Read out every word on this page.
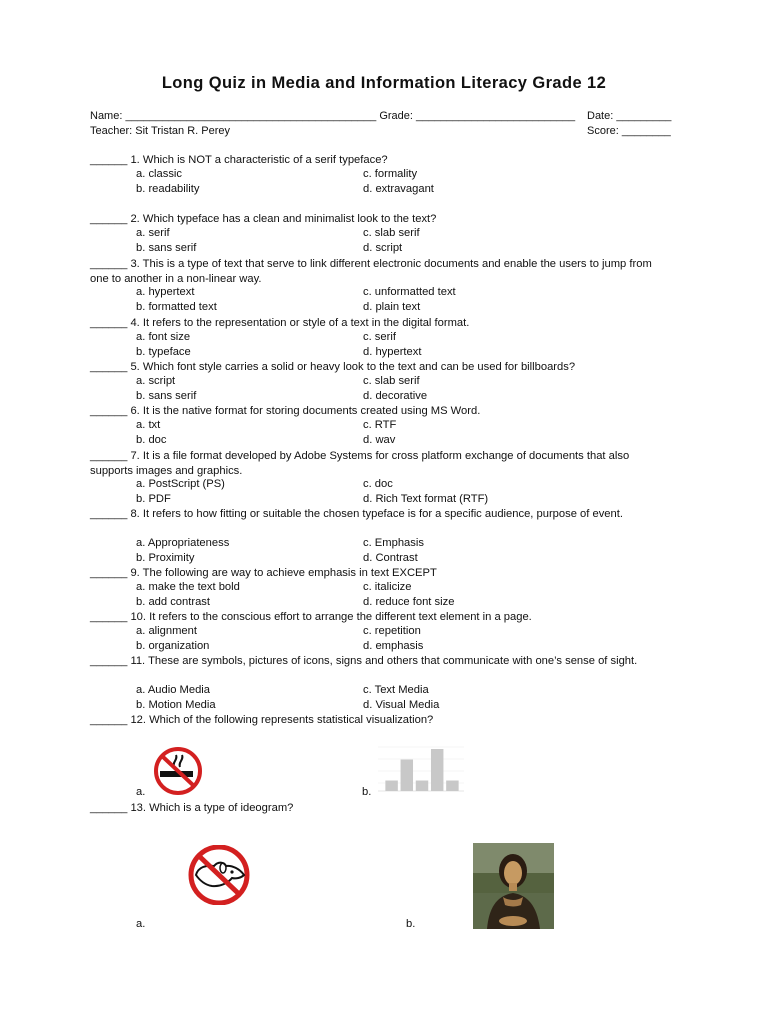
Long Quiz in Media and Information Literacy Grade 12
Name: _________________________________________ Grade: __________________________ Date: _________
Teacher: Sit Tristan R. Perey	Score: ________
______ 1. Which is NOT a characteristic of a serif typeface?
a. classic	c. formality
b. readability	d. extravagant
______ 2. Which typeface has a clean and minimalist look to the text?
a. serif	c. slab serif
b. sans serif	d. script
______ 3. This is a type of text that serve to link different electronic documents and enable the users to jump from one to another in a non-linear way.
a. hypertext	c. unformatted text
b. formatted text	d. plain text
______ 4. It refers to the representation or style of a text in the digital format.
a. font size	c. serif
b. typeface	d. hypertext
______ 5. Which font style carries a solid or heavy look to the text and can be used for billboards?
a. script	c. slab serif
b. sans serif	d. decorative
______ 6. It is the native format for storing documents created using MS Word.
a. txt	c. RTF
b. doc	d. wav
______ 7. It is a file format developed by Adobe Systems for cross platform exchange of documents that also supports images and graphics.
a. PostScript (PS)	c. doc
b. PDF	d. Rich Text format (RTF)
______ 8. It refers to how fitting or suitable the chosen typeface is for a specific audience, purpose of event.
a. Appropriateness	c. Emphasis
b. Proximity	d. Contrast
______ 9. The following are way to achieve emphasis in text EXCEPT
a. make the text bold	c. italicize
b. add contrast	d. reduce font size
______ 10. It refers to the conscious effort to arrange the different text element in a page.
a. alignment	c. repetition
b. organization	d. emphasis
______ 11. These are symbols, pictures of icons, signs and others that communicate with one’s sense of sight.
a. Audio Media	c. Text Media
b. Motion Media	d. Visual Media
______ 12. Which of the following represents statistical visualization?
a.	b.
______ 13. Which is a type of ideogram?
a.	b.
